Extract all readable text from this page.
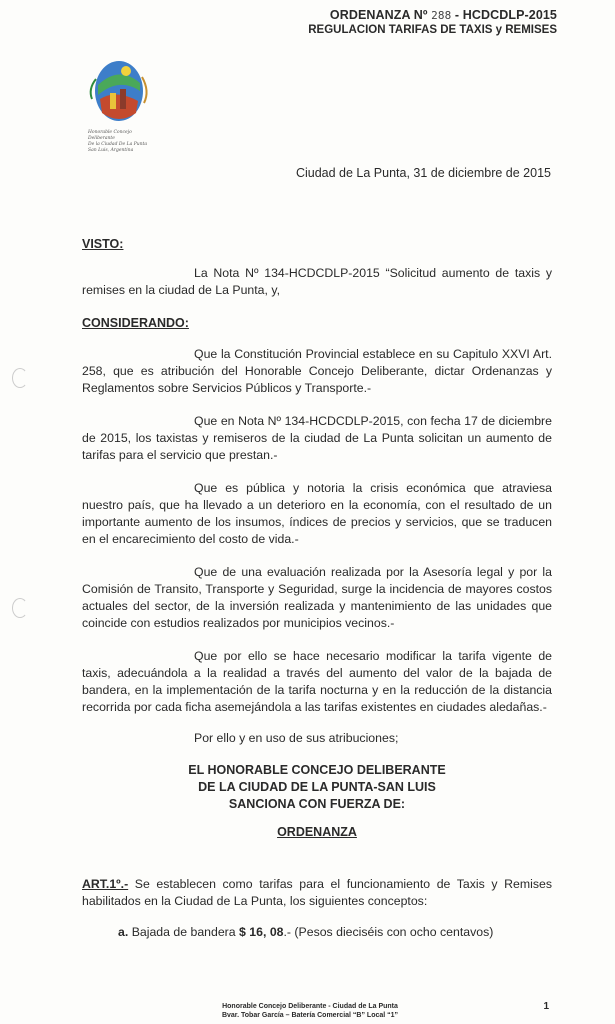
ORDENANZA Nº 288 - HCDCDLP-2015
REGULACION TARIFAS DE TAXIS y REMISES
Honorable Concejo Deliberante
De la Ciudad De La Punta
San Luis, Argentina
Ciudad de La Punta, 31 de diciembre de 2015
VISTO:
La Nota Nº 134-HCDCDLP-2015 “Solicitud aumento de taxis y remises en la ciudad de La Punta, y,
CONSIDERANDO:
Que la Constitución Provincial establece en su Capitulo XXVI Art. 258, que es atribución del Honorable Concejo Deliberante, dictar Ordenanzas y Reglamentos sobre Servicios Públicos y Transporte.-
Que en Nota Nº 134-HCDCDLP-2015, con fecha 17 de diciembre de 2015, los taxistas y remiseros de la ciudad de La Punta solicitan un aumento de tarifas para el servicio que prestan.-
Que es pública y notoria la crisis económica que atraviesa nuestro país, que ha llevado a un deterioro en la economía, con el resultado de un importante aumento de los insumos, índices de precios y servicios, que se traducen en el encarecimiento del costo de vida.-
Que de una evaluación realizada por la Asesoría legal y por la Comisión de Transito, Transporte y Seguridad, surge la incidencia de mayores costos actuales del sector, de la inversión realizada y mantenimiento de las unidades que coincide con estudios realizados por municipios vecinos.-
Que por ello se hace necesario modificar la tarifa vigente de taxis, adecuándola a la realidad a través del aumento del valor de la bajada de bandera, en la implementación de la tarifa nocturna y en la reducción de la distancia recorrida por cada ficha asemejándola a las tarifas existentes en ciudades aledañas.-
Por ello y en uso de sus atribuciones;
EL HONORABLE CONCEJO DELIBERANTE
DE LA CIUDAD DE LA PUNTA-SAN LUIS
SANCIONA CON FUERZA DE:
ORDENANZA
ART.1º.- Se establecen como tarifas para el funcionamiento de Taxis y Remises habilitados en la Ciudad de La Punta, los siguientes conceptos:
a. Bajada de bandera $ 16, 08.- (Pesos dieciséis con ocho centavos)
Honorable Concejo Deliberante - Ciudad de La Punta
Bvar. Tobar García – Batería Comercial “B” Local “1”
1
